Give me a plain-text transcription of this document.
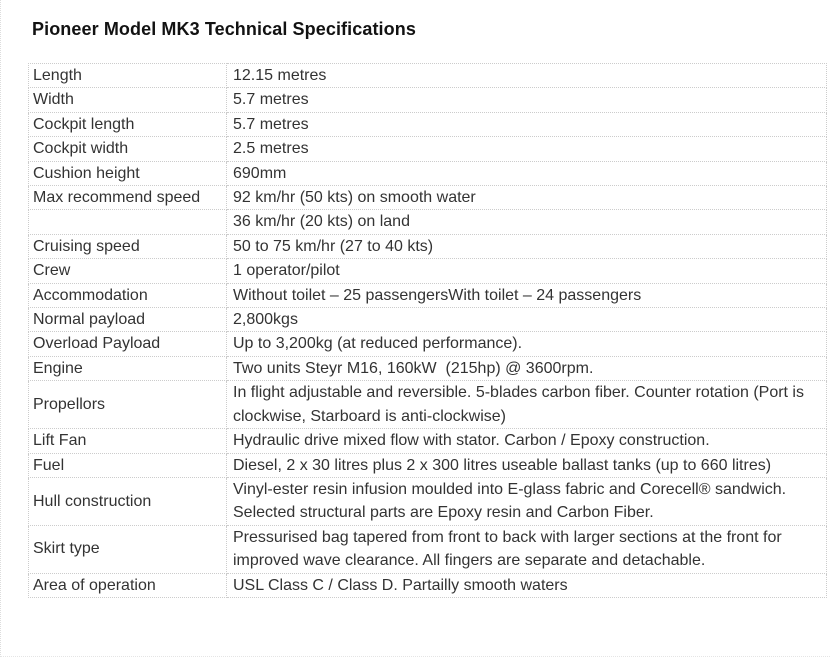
Pioneer Model MK3 Technical Specifications
Length	12.15 metres
Width	5.7 metres
Cockpit length	5.7 metres
Cockpit width	2.5 metres
Cushion height	690mm
Max recommend speed	92 km/hr (50 kts) on smooth water
	36 km/hr (20 kts) on land
Cruising speed	50 to 75 km/hr (27 to 40 kts)
Crew	1 operator/pilot
Accommodation	Without toilet – 25 passengersWith toilet – 24 passengers
Normal payload	2,800kgs
Overload Payload	Up to 3,200kg (at reduced performance).
Engine	Two units Steyr M16, 160kW  (215hp) @ 3600rpm.
Propellors	In flight adjustable and reversible. 5-blades carbon fiber. Counter rotation (Port is clockwise, Starboard is anti-clockwise)
Lift Fan	Hydraulic drive mixed flow with stator. Carbon / Epoxy construction.
Fuel	Diesel, 2 x 30 litres plus 2 x 300 litres useable ballast tanks (up to 660 litres)
Hull construction	Vinyl-ester resin infusion moulded into E-glass fabric and Corecell® sandwich. Selected structural parts are Epoxy resin and Carbon Fiber.
Skirt type	Pressurised bag tapered from front to back with larger sections at the front for improved wave clearance. All fingers are separate and detachable.
Area of operation	USL Class C / Class D. Partailly smooth waters
